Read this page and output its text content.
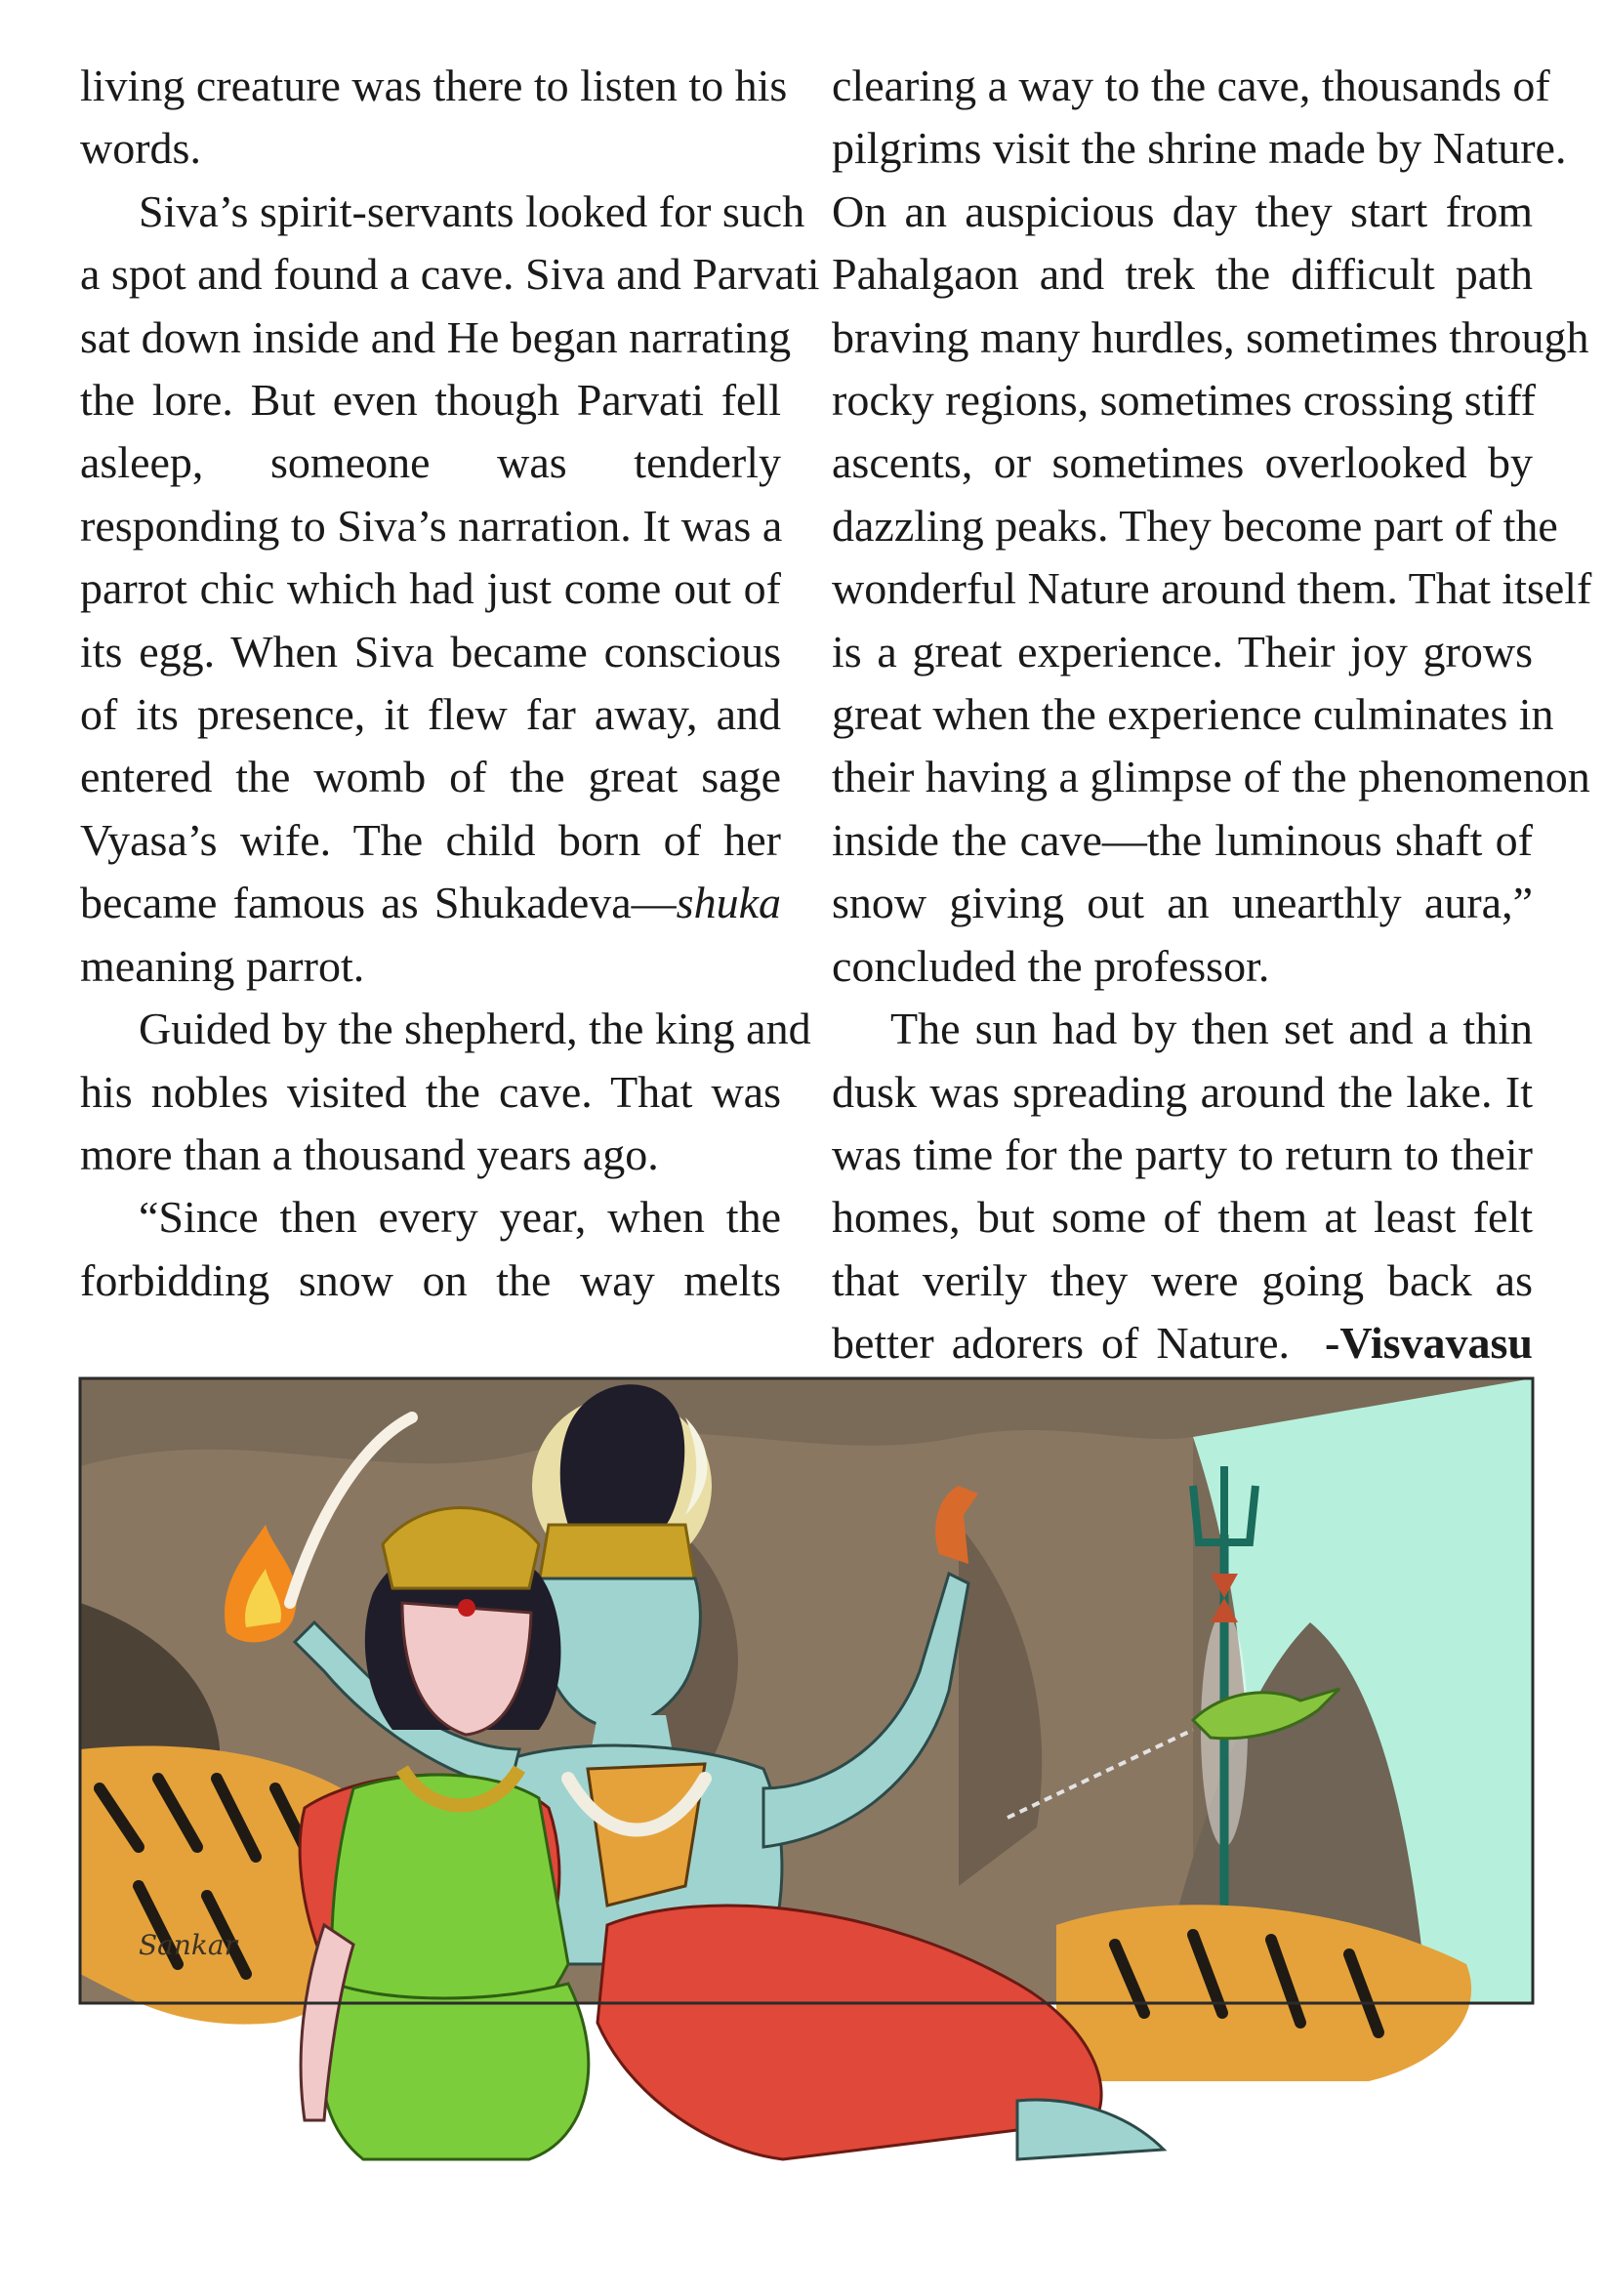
living creature was there to listen to his
words.
Siva’s spirit-servants looked for such
a spot and found a cave. Siva and Parvati
sat down inside and He began narrating
the lore. But even though Parvati fell
asleep, someone was tenderly
responding to Siva’s narration. It was a
parrot chic which had just come out of
its egg. When Siva became conscious
of its presence, it flew far away, and
entered the womb of the great sage
Vyasa’s wife. The child born of her
became famous as Shukadeva—shuka
meaning parrot.
Guided by the shepherd, the king and
his nobles visited the cave. That was
more than a thousand years ago.
“Since then every year, when the
forbidding snow on the way melts
clearing a way to the cave, thousands of
pilgrims visit the shrine made by Nature.
On an auspicious day they start from
Pahalgaon and trek the difficult path
braving many hurdles, sometimes through
rocky regions, sometimes crossing stiff
ascents, or sometimes overlooked by
dazzling peaks. They become part of the
wonderful Nature around them. That itself
is a great experience. Their joy grows
great when the experience culminates in
their having a glimpse of the phenomenon
inside the cave—the luminous shaft of
snow giving out an unearthly aura,”
concluded the professor.
The sun had by then set and a thin
dusk was spreading around the lake. It
was time for the party to return to their
homes, but some of them at least felt
that verily they were going back as
better adorers of Nature. -Visvavasu
Sankar
